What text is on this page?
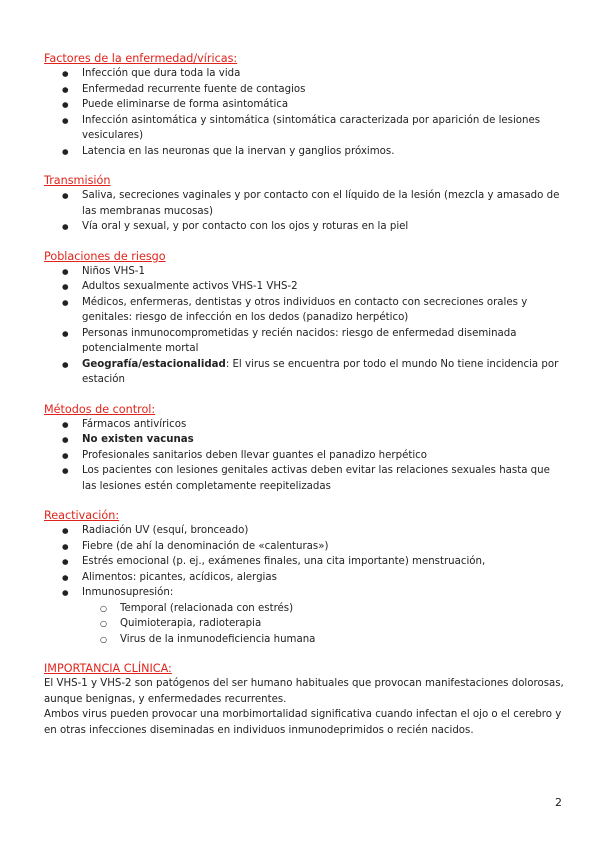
Factores de la enfermedad/víricas:

● Infección que dura toda la vida
● Enfermedad recurrente fuente de contagios
● Puede eliminarse de forma asintomática
● Infección asintomática y sintomática (sintomática caracterizada por aparición de lesiones vesiculares)
● Latencia en las neuronas que la inervan y ganglios próximos.

Transmisión

● Saliva, secreciones vaginales y por contacto con el líquido de la lesión (mezcla y amasado de las membranas mucosas)
● Vía oral y sexual, y por contacto con los ojos y roturas en la piel

Poblaciones de riesgo

● Niños VHS-1
● Adultos sexualmente activos VHS-1 VHS-2
● Médicos, enfermeras, dentistas y otros individuos en contacto con secreciones orales y genitales: riesgo de infección en los dedos (panadizo herpético)
● Personas inmunocomprometidas y recién nacidos: riesgo de enfermedad diseminada potencialmente mortal
● Geografía/estacionalidad: El virus se encuentra por todo el mundo No tiene incidencia por estación

Métodos de control:

● Fármacos antivíricos
● No existen vacunas
● Profesionales sanitarios deben llevar guantes el panadizo herpético
● Los pacientes con lesiones genitales activas deben evitar las relaciones sexuales hasta que las lesiones estén completamente reepitelizadas

Reactivación:

● Radiación UV (esquí, bronceado)
● Fiebre (de ahí la denominación de «calenturas»)
● Estrés emocional (p. ej., exámenes finales, una cita importante) menstruación,
● Alimentos: picantes, acídicos, alergias
● Inmunosupresión:
○ Temporal (relacionada con estrés)
○ Quimioterapia, radioterapia
○ Virus de la inmunodeficiencia humana

IMPORTANCIA CLÍNICA:

El VHS-1 y VHS-2 son patógenos del ser humano habituales que provocan manifestaciones dolorosas, aunque benignas, y enfermedades recurrentes.

Ambos virus pueden provocar una morbimortalidad significativa cuando infectan el ojo o el cerebro y en otras infecciones diseminadas en individuos inmunodeprimidos o recién nacidos.

2
